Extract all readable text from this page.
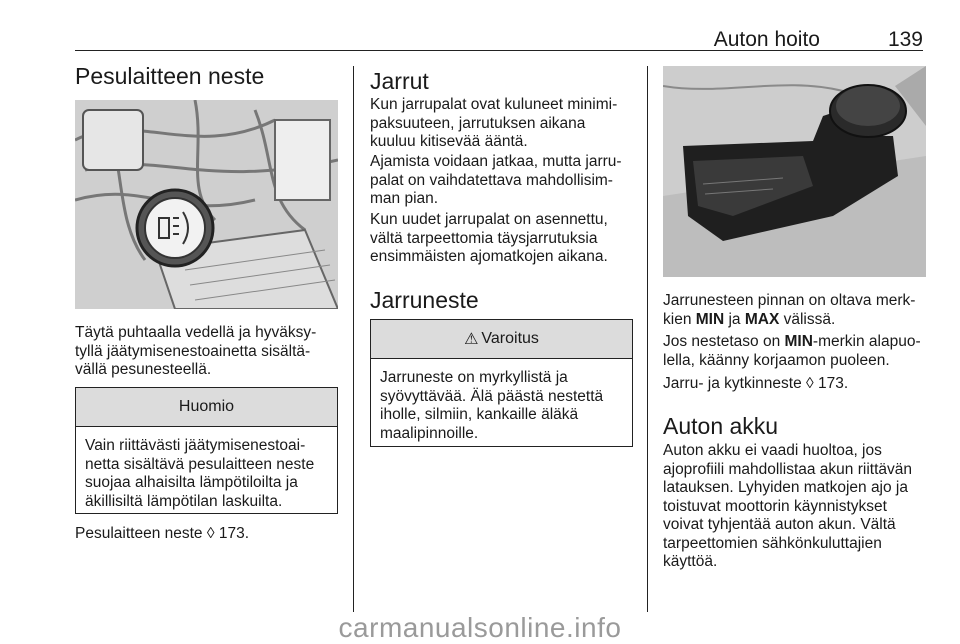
Auton hoito	139
Pesulaitteen neste

Täytä puhtaalla vedellä ja hyväksy-tyllä jäätymisenestoainetta sisältä-vällä pesunesteellä.

Huomio

Vain riittävästi jäätymisenestoai-netta sisältävä pesulaitteen neste suojaa alhaisilta lämpötiloilta ja äkillisiltä lämpötilan laskuilta.

Pesulaitteen neste ◊ 173.

Jarrut

Kun jarrupalat ovat kuluneet minimi-paksuuteen, jarrutuksen aikana kuuluu kitisevää ääntä.

Ajamista voidaan jatkaa, mutta jarru-palat on vaihdatettava mahdollisim-man pian.

Kun uudet jarrupalat on asennettu, vältä tarpeettomia täysjarrutuksia ensimmäisten ajomatkojen aikana.

Jarruneste
⚠ Varoitus

Jarruneste on myrkyllistä ja syövyttävää. Älä päästä nestettä iholle, silmiin, kankaille äläkä maalipinnoille.

Jarrunesteen pinnan on oltava merk-kien MIN ja MAX välissä.

Jos nestetaso on MIN-merkin alapuo-lella, käänny korjaamon puoleen.

Jarru- ja kytkinneste ◊ 173.

Auton akku

Auton akku ei vaadi huoltoa, jos ajoprofiili mahdollistaa akun riittävän latauksen. Lyhyiden matkojen ajo ja toistuvat moottorin käynnistykset voivat tyhjentää auton akun. Vältä tarpeettomien sähkönkuluttajien käyttöä.

carmanualsonline.info
